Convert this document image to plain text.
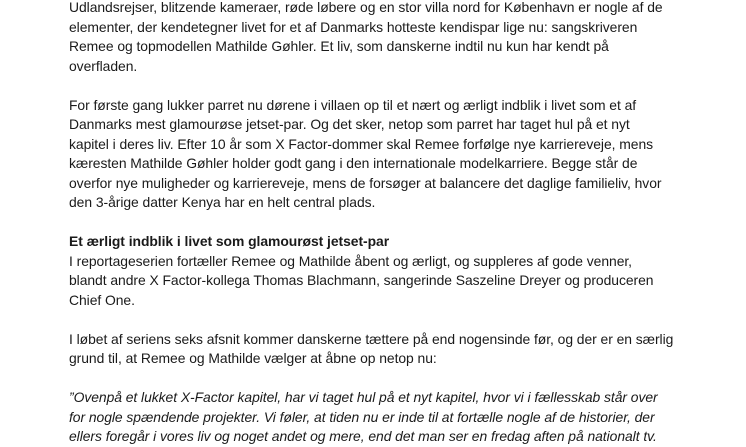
Udlandsrejser, blitzende kameraer, røde løbere og en stor villa nord for København er nogle af de
elementer, der kendetegner livet for et af Danmarks hotteste kendispar lige nu: sangskriveren
Remee og topmodellen Mathilde Gøhler. Et liv, som danskerne indtil nu kun har kendt på
overfladen.

For første gang lukker parret nu dørene i villaen op til et nært og ærligt indblik i livet som et af
Danmarks mest glamourøse jetset-par. Og det sker, netop som parret har taget hul på et nyt
kapitel i deres liv. Efter 10 år som X Factor-dommer skal Remee forfølge nye karriereveje, mens
kæresten Mathilde Gøhler holder godt gang i den internationale modelkarriere. Begge står de
overfor nye muligheder og karriereveje, mens de forsøger at balancere det daglige familieliv, hvor
den 3-årige datter Kenya har en helt central plads.

Et ærligt indblik i livet som glamourøst jetset-par

I reportageserien fortæller Remee og Mathilde åbent og ærligt, og suppleres af gode venner,
blandt andre X Factor-kollega Thomas Blachmann, sangerinde Saszeline Dreyer og produceren
Chief One.

I løbet af seriens seks afsnit kommer danskerne tættere på end nogensinde før, og der er en særlig
grund til, at Remee og Mathilde vælger at åbne op netop nu:

”Ovenpå et lukket X-Factor kapitel, har vi taget hul på et nyt kapitel, hvor vi i fællesskab står over
for nogle spændende projekter. Vi føler, at tiden nu er inde til at fortælle nogle af de historier, der
ellers foregår i vores liv og noget andet og mere, end det man ser en fredag aften på nationalt tv.
